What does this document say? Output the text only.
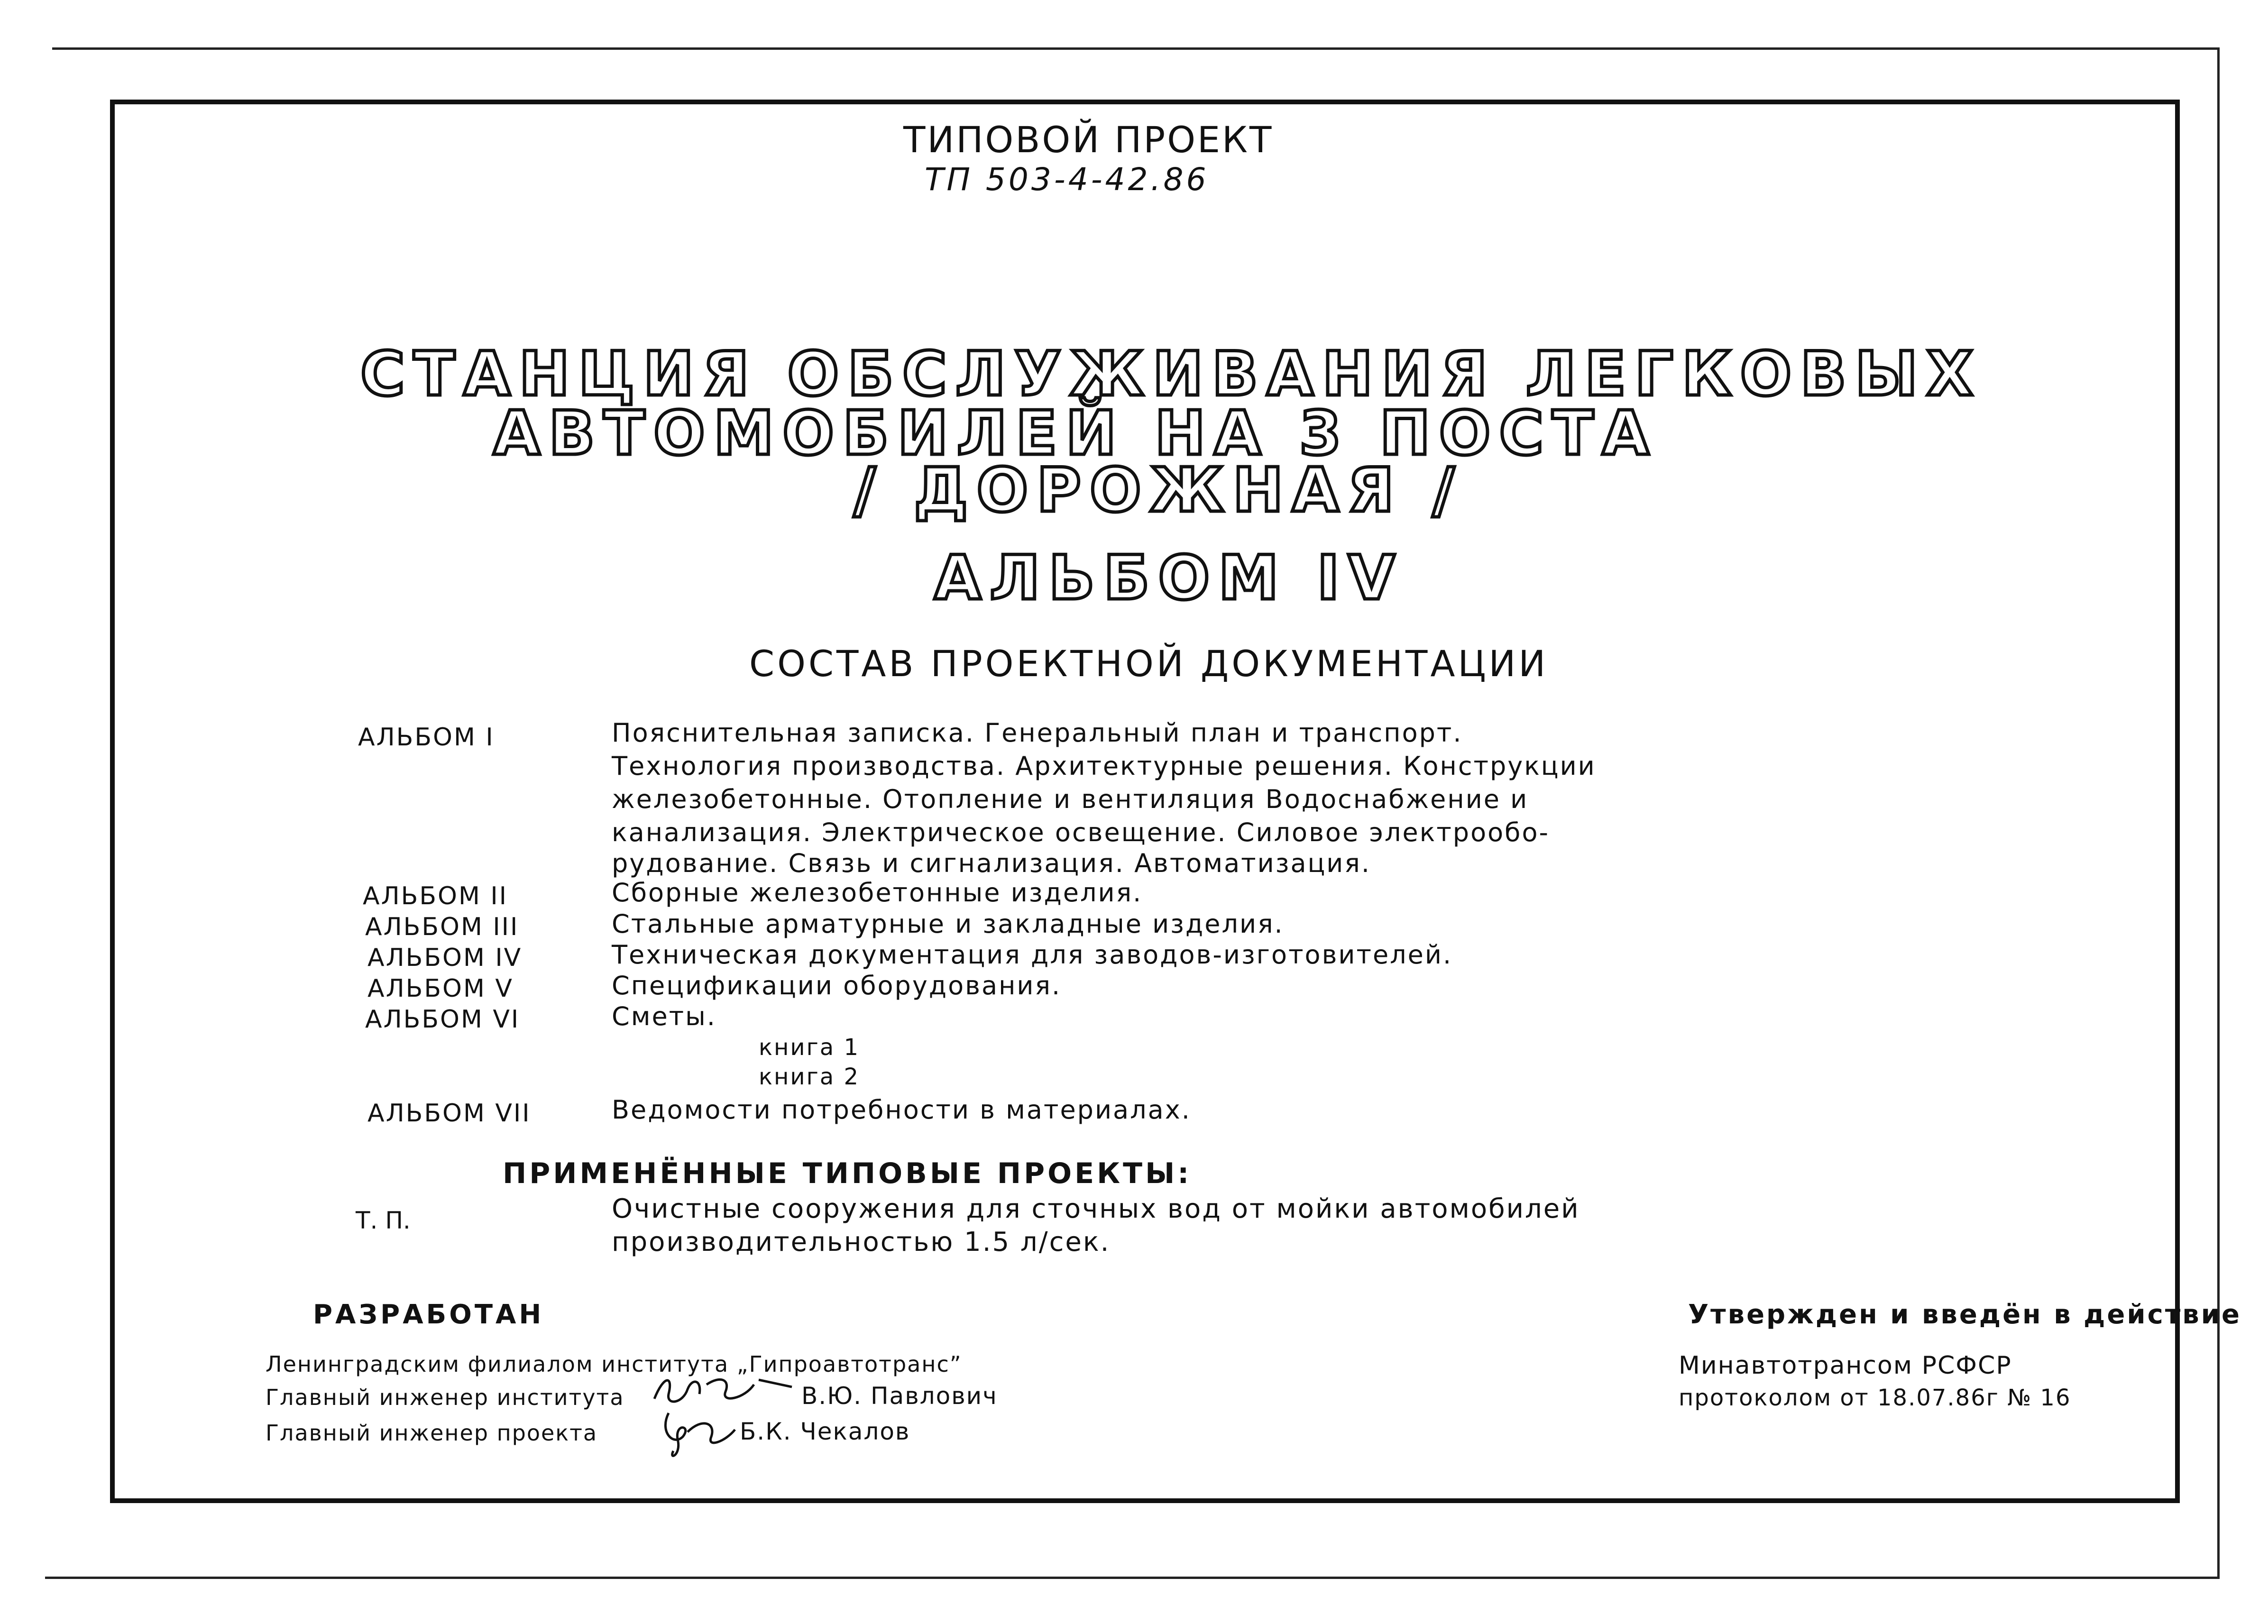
ТИПОВОЙ ПРОЕКТ
ТП 503-4-42.86
СТАНЦИЯ ОБСЛУЖИВАНИЯ ЛЕГКОВЫХ
АВТОМОБИЛЕЙ НА 3 ПОСТА
/ ДОРОЖНАЯ /
АЛЬБОМ IV
СОСТАВ ПРОЕКТНОЙ ДОКУМЕНТАЦИИ
АЛЬБОМ I	Пояснительная записка. Генеральный план и транспорт.
Технология производства. Архитектурные решения. Конструкции
железобетонные. Отопление и вентиляция Водоснабжение и
канализация. Электрическое освещение. Силовое электрообо-
рудование. Связь и сигнализация. Автоматизация.
АЛЬБОМ II	Сборные железобетонные изделия.
АЛЬБОМ III	Стальные арматурные и закладные изделия.
АЛЬБОМ IV	Техническая документация для заводов-изготовителей.
АЛЬБОМ V	Спецификации оборудования.
АЛЬБОМ VI	Сметы.
книга 1
книга 2
АЛЬБОМ VII	Ведомости потребности в материалах.
ПРИМЕНЁННЫЕ ТИПОВЫЕ ПРОЕКТЫ:
Т. П.	Очистные сооружения для сточных вод от мойки автомобилей
производительностью 1.5 л/сек.
РАЗРАБОТАН
Ленинградским филиалом института „Гипроавтотранс”
Главный инженер института	В.Ю. Павлович
Главный инженер проекта	Б.К. Чекалов
Утвержден и введён в действие
Минавтотрансом РСФСР
протоколом от 18.07.86г № 16
